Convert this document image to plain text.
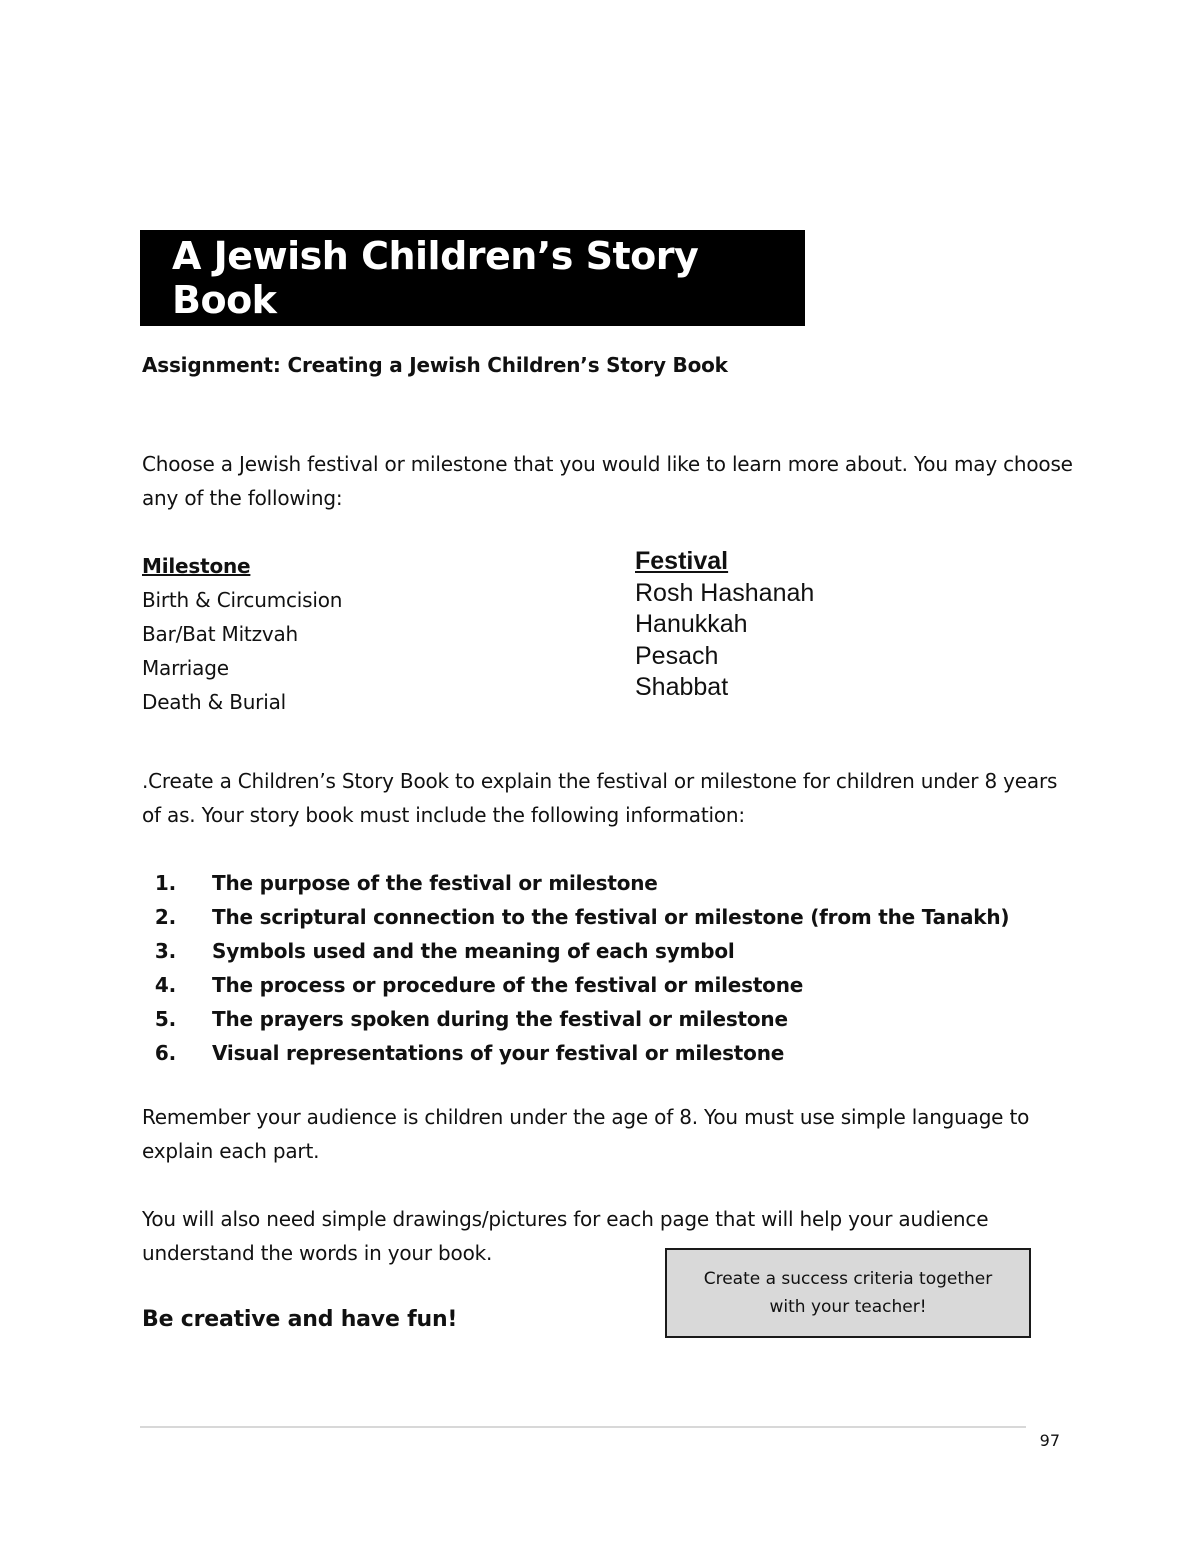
A Jewish Children’s Story Book
Assignment: Creating a Jewish Children’s Story Book
Choose a Jewish festival or milestone that you would like to learn more about. You may choose any of the following:
Milestone
Birth & Circumcision
Bar/Bat Mitzvah
Marriage
Death & Burial
Festival
Rosh Hashanah
Hanukkah
Pesach
Shabbat
.Create a Children’s Story Book to explain the festival or milestone for children under 8 years of as. Your story book must include the following information:
1.	The purpose of the festival or milestone
2.	The scriptural connection to the festival or milestone (from the Tanakh)
3.	Symbols used and the meaning of each symbol
4.	The process or procedure of the festival or milestone
5.	The prayers spoken during the festival or milestone
6.	Visual representations of your festival or milestone
Remember your audience is children under the age of 8. You must use simple language to explain each part.
You will also need simple drawings/pictures for each page that will help your audience understand the words in your book.
Be creative and have fun!
Create a success criteria together with your teacher!
97
